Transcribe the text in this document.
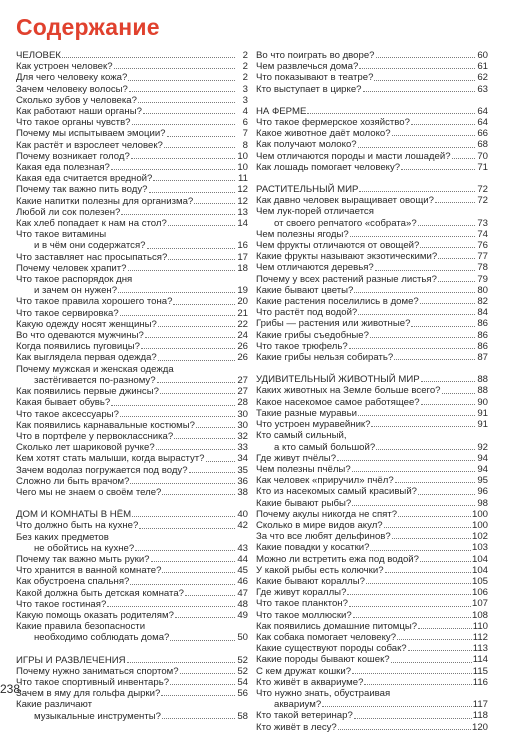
Содержание
ЧЕЛОВЕК	2
Как устроен человек?	2
Для чего человеку кожа?	2
Зачем человеку волосы?	3
Сколько зубов у человека?	3
Как работают наши органы?	4
Что такое органы чувств?	6
Почему мы испытываем эмоции?	7
Как растёт и взрослеет человек?	8
Почему возникает голод?	10
Какая еда полезная?	10
Какая еда считается вредной?	11
Почему так важно пить воду?	12
Какие напитки полезны для организма?	12
Любой ли сок полезен?	13
Как хлеб попадает к нам на стол?	14
Что такое витамины
и в чём они содержатся?	16
Что заставляет нас просыпаться?	17
Почему человек храпит?	18
Что такое распорядок дня
и зачем он нужен?	19
Что такое правила хорошего тона?	20
Что такое сервировка?	21
Какую одежду носят женщины?	22
Во что одеваются мужчины?	24
Когда появились пуговицы?	26
Как выглядела первая одежда?	26
Почему мужская и женская одежда
застёгивается по-разному?	27
Как появились первые джинсы?	27
Какая бывает обувь?	28
Что такое аксессуары?	30
Как появились карнавальные костюмы?	30
Что в портфеле у первоклассника?	32
Сколько лет шариковой ручке?	33
Кем хотят стать малыши, когда вырастут?	34
Зачем водолаз погружается под воду?	35
Сложно ли быть врачом?	36
Чего мы не знаем о своём теле?	38
ДОМ И КОМНАТЫ В НЁМ	40
Что должно быть на кухне?	42
Без каких предметов
не обойтись на кухне?	43
Почему так важно мыть руки?	44
Что хранится в ванной комнате?	45
Как обустроена спальня?	46
Какой должна быть детская комната?	47
Что такое гостиная?	48
Какую помощь оказать родителям?	49
Какие правила безопасности
необходимо соблюдать дома?	50
ИГРЫ И РАЗВЛЕЧЕНИЯ	52
Почему нужно заниматься спортом?	52
Что такое спортивный инвентарь?	54
Зачем в яму для гольфа дырки?	56
Какие различают
музыкальные инструменты?	58
Во что поиграть во дворе?	60
Чем развлечься дома?	61
Что показывают в театре?	62
Кто выступает в цирке?	63
НА ФЕРМЕ	64
Что такое фермерское хозяйство?	64
Какое животное даёт молоко?	66
Как получают молоко?	68
Чем отличаются породы и масти лошадей?	70
Как лошадь помогает человеку?	71
РАСТИТЕЛЬНЫЙ МИР	72
Как давно человек выращивает овощи?	72
Чем лук-порей отличается
от своего репчатого «собрата»?	73
Чем полезны ягоды?	74
Чем фрукты отличаются от овощей?	76
Какие фрукты называют экзотическими?	77
Чем отличаются деревья?	78
Почему у всех растений разные листья?	79
Какие бывают цветы?	80
Какие растения поселились в доме?	82
Что растёт под водой?	84
Грибы — растения или животные?	86
Какие грибы съедобные?	86
Что такое трюфель?	86
Какие грибы нельзя собирать?	87
УДИВИТЕЛЬНЫЙ ЖИВОТНЫЙ МИР	88
Каких животных на Земле больше всего?	88
Какое насекомое самое работящее?	90
Такие разные муравьи	91
Что устроен муравейник?	91
Кто самый сильный,
а кто самый большой?	92
Где живут пчёлы?	94
Чем полезны пчёлы?	94
Как человек «приручил» пчёл?	95
Кто из насекомых самый красивый?	96
Какие бывают рыбы?	98
Почему акулы никогда не спят?	100
Сколько в мире видов акул?	100
За что все любят дельфинов?	102
Какие повадки у косатки?	103
Можно ли встретить ежа под водой?	104
У какой рыбы есть колючки?	104
Какие бывают кораллы?	105
Где живут кораллы?	106
Что такое планктон?	107
Что такое моллюски?	108
Как появились домашние питомцы?	110
Как собака помогает человеку?	112
Какие существуют породы собак?	113
Какие породы бывают кошек?	114
С кем дружат кошки?	115
Кто живёт в аквариуме?	116
Что нужно знать, обустраивая
аквариум?	117
Кто такой ветеринар?	118
Кто живёт в лесу?	120
238
